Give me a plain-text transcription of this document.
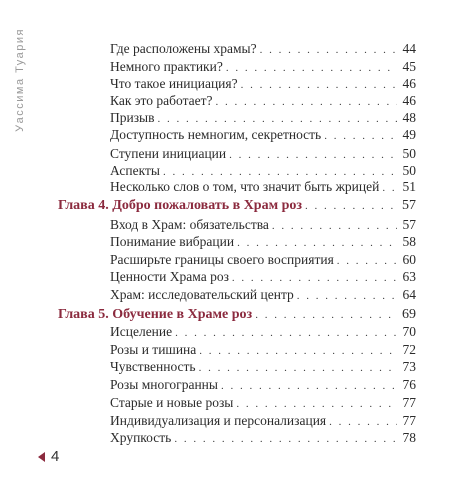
Уассима Туария	Где расположены храмы? . . .	44
Немного практики? . . .	45
Что такое инициация? . . .	46
Как это работает? . . .	46
Призыв . . .	48
Доступность немногим, секретность . . .	49
Ступени инициации . . .	50
Аспекты . . .	50
Несколько слов о том, что значит быть жрицей . . . 51
Глава 4. Добро пожаловать в Храм роз . . .	57
Вход в Храм: обязательства . . .	57
Понимание вибрации . . .	58
Расширьте границы своего восприятия . . .	60
Ценности Храма роз . . .	63
Храм: исследовательский центр . . .	64
Глава 5. Обучение в Храме роз . . .	69
Исцеление . . .	70
Розы и тишина . . .	72
Чувственность . . .	73
Розы многогранны . . .	76
Старые и новые розы . . .	77
Индивидуализация и персонализация . . .	77
Хрупкость . . .	78
4
